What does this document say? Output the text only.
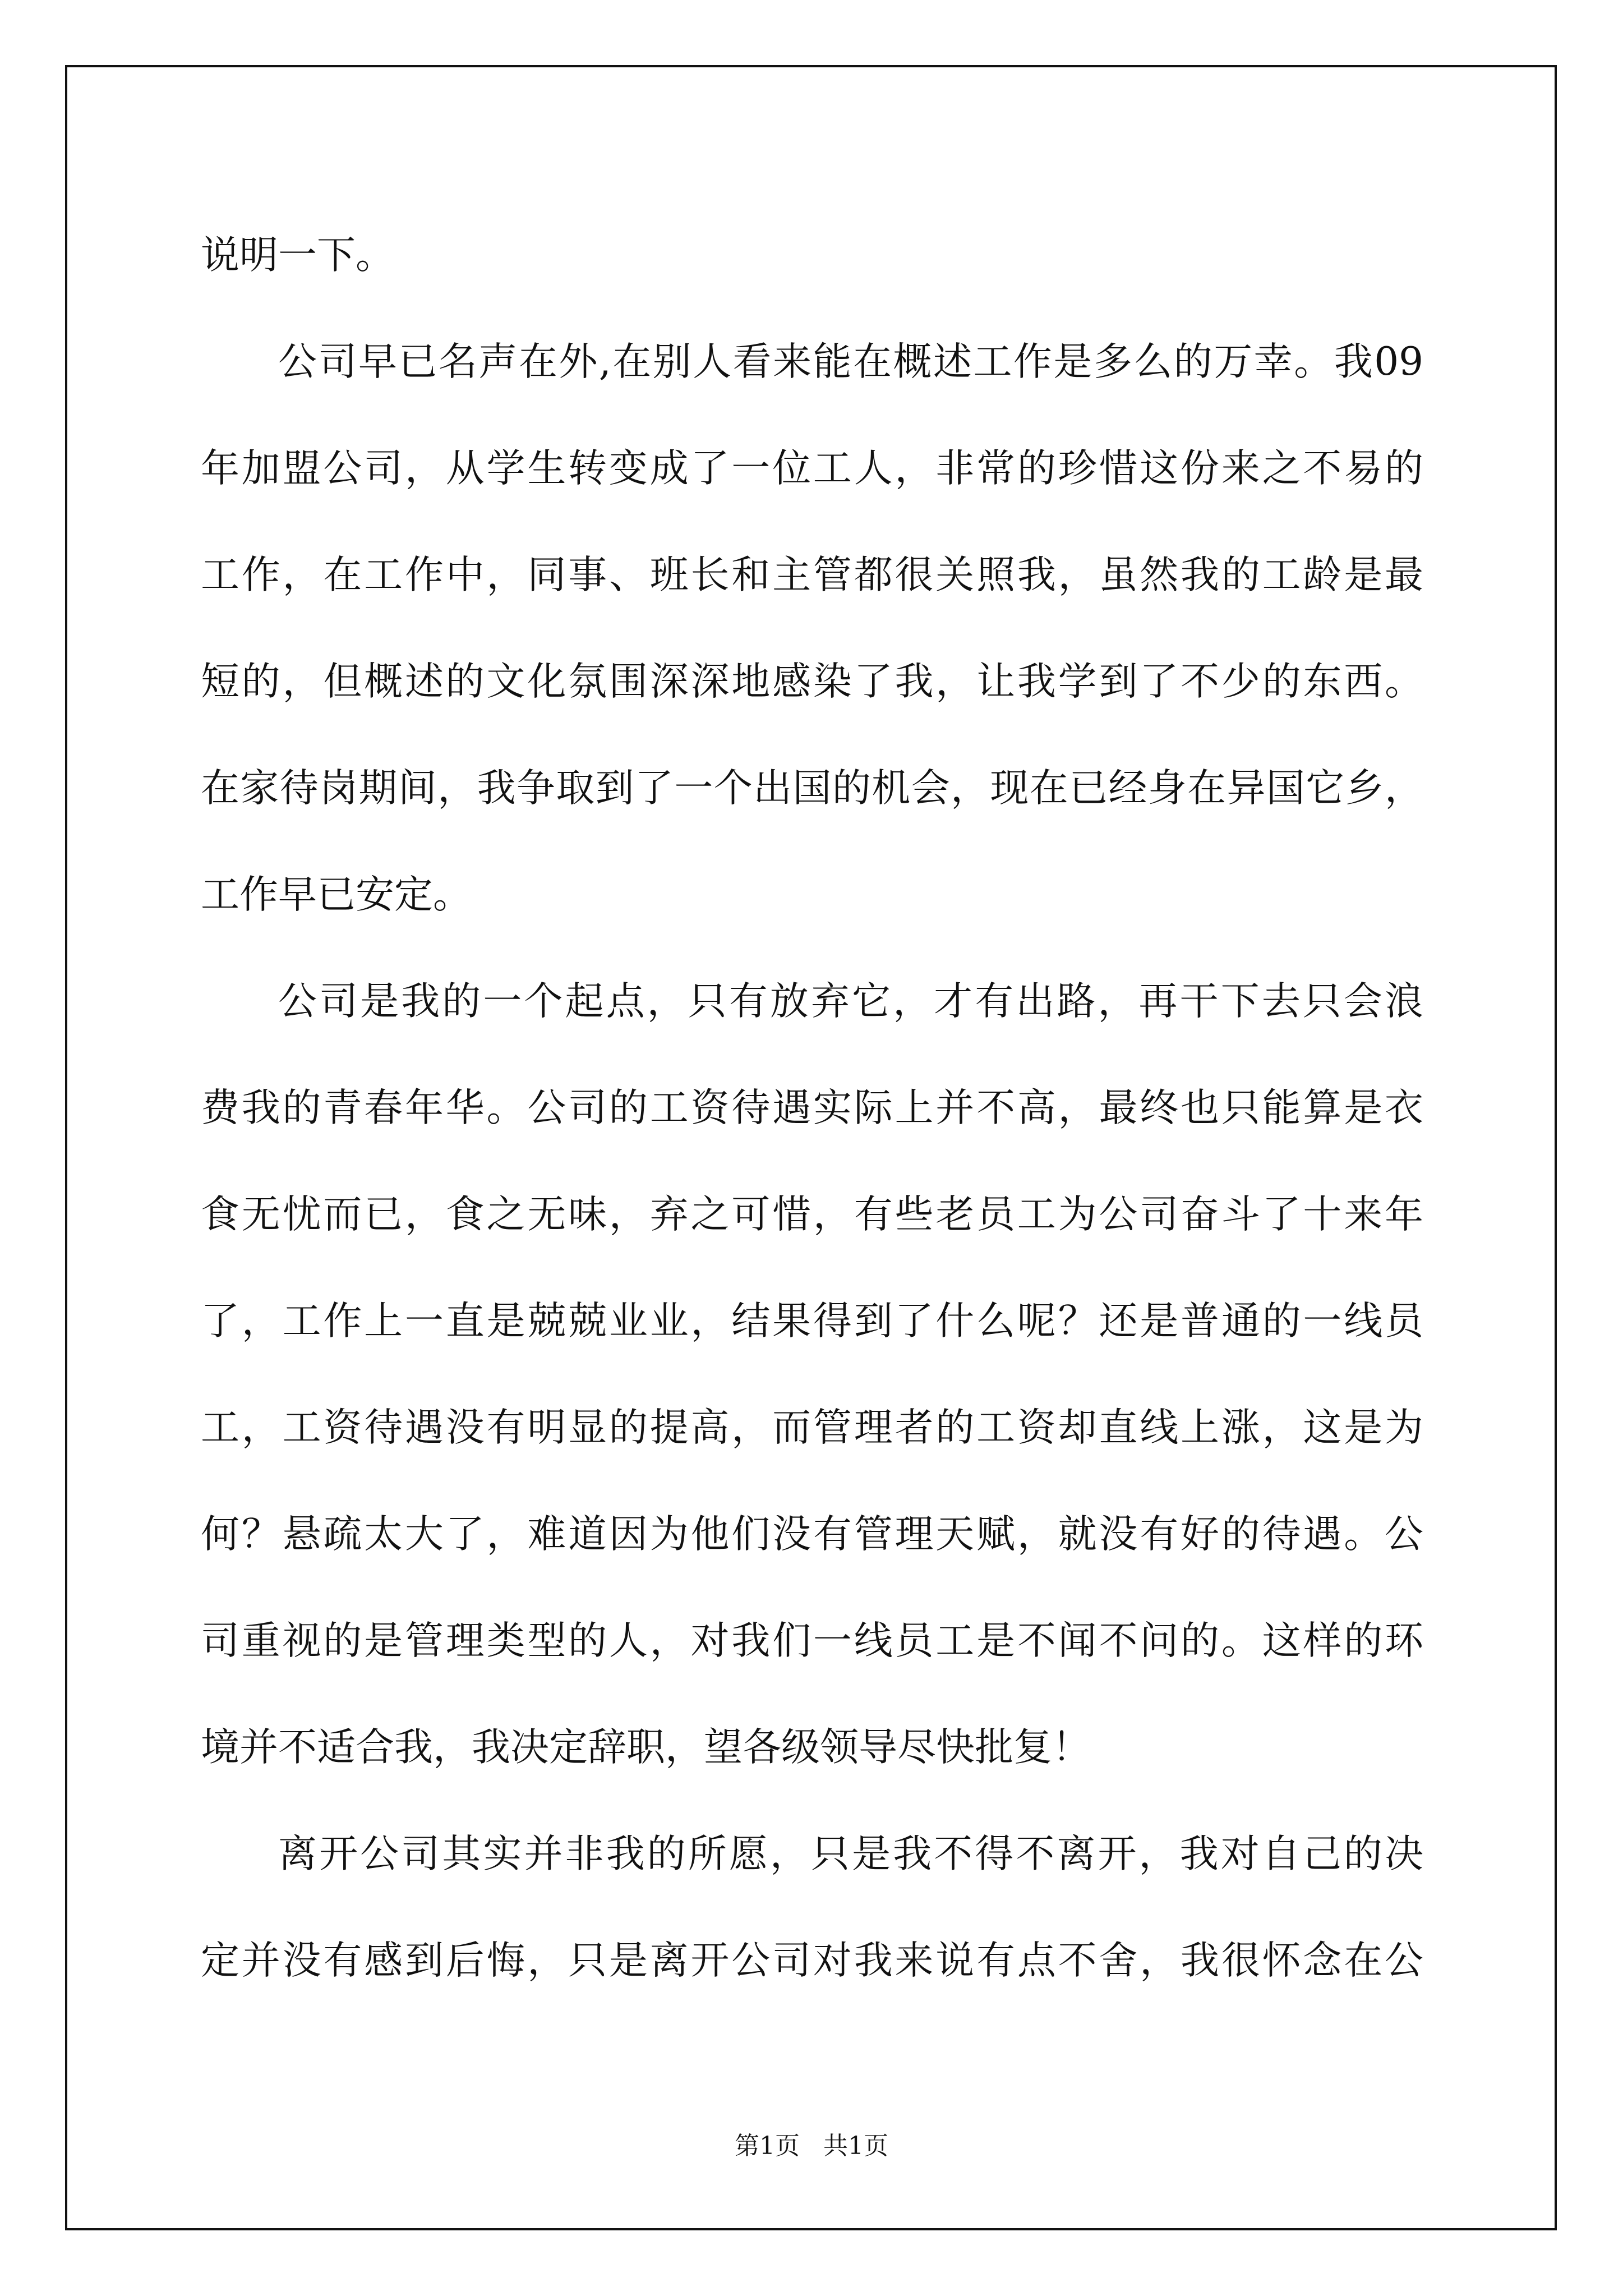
说明一下。
公司早已名声在外,在别人看来能在概述工作是多么的万幸。我09
年加盟公司，从学生转变成了一位工人，非常的珍惜这份来之不易的
工作，在工作中，同事、班长和主管都很关照我，虽然我的工龄是最
短的，但概述的文化氛围深深地感染了我，让我学到了不少的东西。
在家待岗期间，我争取到了一个出国的机会，现在已经身在异国它乡，
工作早已安定。
公司是我的一个起点，只有放弃它，才有出路，再干下去只会浪
费我的青春年华。公司的工资待遇实际上并不高，最终也只能算是衣
食无忧而已，食之无味，弃之可惜，有些老员工为公司奋斗了十来年
了，工作上一直是兢兢业业，结果得到了什么呢？还是普通的一线员
工，工资待遇没有明显的提高，而管理者的工资却直线上涨，这是为
何？悬疏太大了，难道因为他们没有管理天赋，就没有好的待遇。公
司重视的是管理类型的人，对我们一线员工是不闻不问的。这样的环
境并不适合我，我决定辞职，望各级领导尽快批复！
离开公司其实并非我的所愿，只是我不得不离开，我对自己的决
定并没有感到后悔，只是离开公司对我来说有点不舍，我很怀念在公
第1页 共1页
